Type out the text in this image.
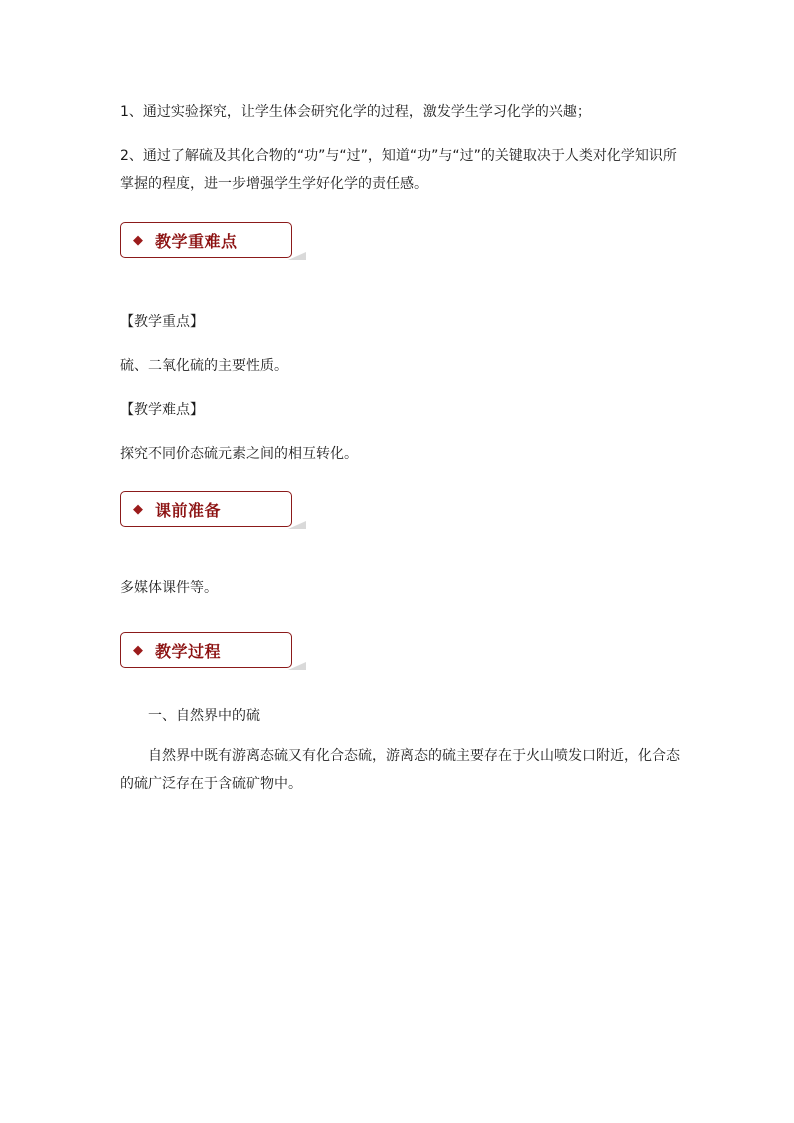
1、通过实验探究，让学生体会研究化学的过程，激发学生学习化学的兴趣；

2、通过了解硫及其化合物的“功”与“过”，知道“功”与“过”的关键取决于人类对化学知识所掌握的程度，进一步增强学生学好化学的责任感。

◆ 教学重难点
【教学重点】
硫、二氧化硫的主要性质。
【教学难点】
探究不同价态硫元素之间的相互转化。
◆ 课前准备
多媒体课件等。
◆ 教学过程
一、自然界中的硫

自然界中既有游离态硫又有化合态硫，游离态的硫主要存在于火山喷发口附近，化合态的硫广泛存在于含硫矿物中。
